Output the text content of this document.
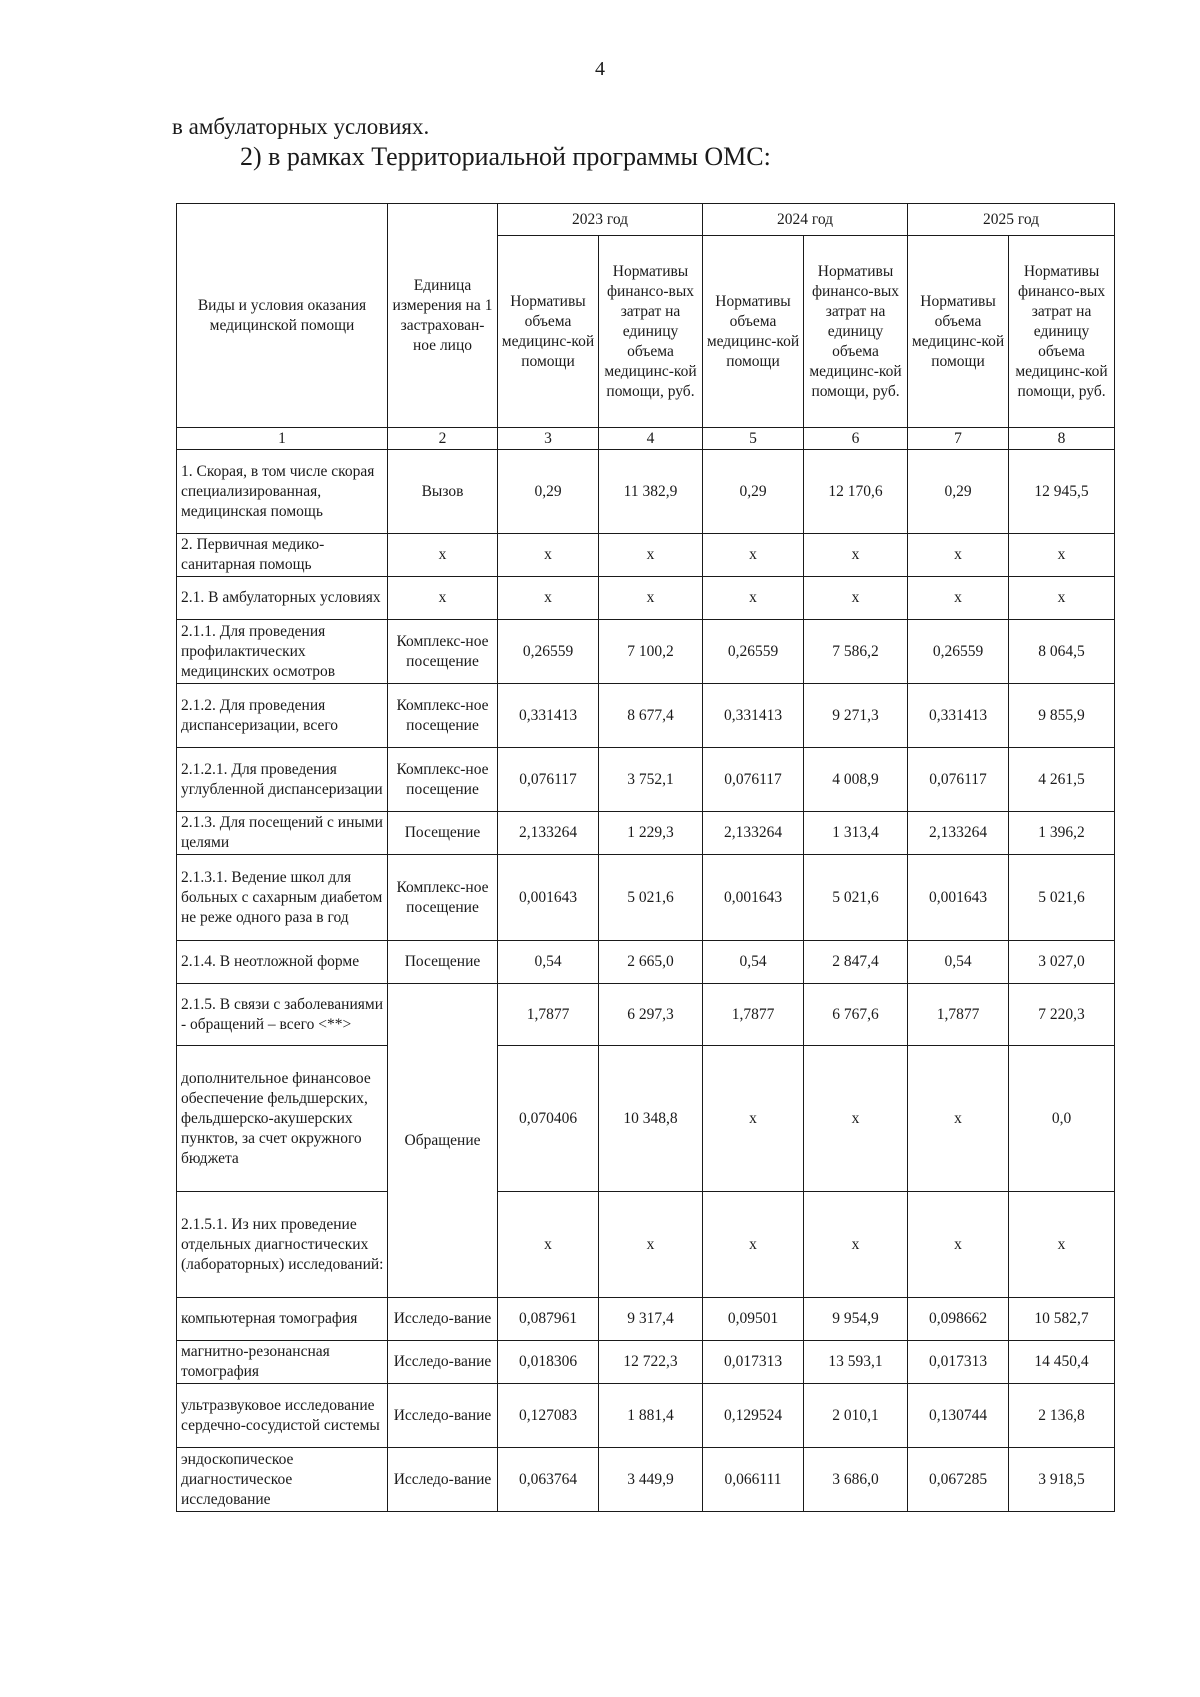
4
в амбулаторных условиях.
2) в рамках Территориальной программы ОМС:
Виды и условия оказания медицинской помощи	Единица измерения на 1 застрахован-ное лицо	2023 год		2024 год		2025 год	
		Нормативы объема медицинс-кой помощи	Нормативы финансо-вых затрат на единицу объема медицинс-кой помощи, руб.	Нормативы объема медицинс-кой помощи	Нормативы финансо-вых затрат на единицу объема медицинс-кой помощи, руб.	Нормативы объема медицинс-кой помощи	Нормативы финансо-вых затрат на единицу объема медицинс-кой помощи, руб.
1	2	3	4	5	6	7	8
1. Скорая, в том числе скорая специализированная, медицинская помощь	Вызов	0,29	11 382,9	0,29	12 170,6	0,29	12 945,5
2. Первичная медико-санитарная помощь	х	х	х	х	х	х	х
2.1. В амбулаторных условиях	х	х	х	х	х	х	х
2.1.1. Для проведения профилактических медицинских осмотров	Комплекс-ное посещение	0,26559	7 100,2	0,26559	7 586,2	0,26559	8 064,5
2.1.2. Для проведения диспансеризации, всего	Комплекс-ное посещение	0,331413	8 677,4	0,331413	9 271,3	0,331413	9 855,9
2.1.2.1. Для проведения углубленной диспансеризации	Комплекс-ное посещение	0,076117	3 752,1	0,076117	4 008,9	0,076117	4 261,5
2.1.3. Для посещений с иными целями	Посещение	2,133264	1 229,3	2,133264	1 313,4	2,133264	1 396,2
2.1.3.1. Ведение школ для больных с сахарным диабетом не реже одного раза в год	Комплекс-ное посещение	0,001643	5 021,6	0,001643	5 021,6	0,001643	5 021,6
2.1.4. В неотложной форме	Посещение	0,54	2 665,0	0,54	2 847,4	0,54	3 027,0
2.1.5. В связи с заболеваниями - обращений – всего <**>	Обращение	1,7877	6 297,3	1,7877	6 767,6	1,7877	7 220,3
дополнительное финансовое обеспечение фельдшерских, фельдшерско-акушерских пунктов, за счет окружного бюджета		0,070406	10 348,8	х	х	х	0,0
2.1.5.1. Из них проведение отдельных диагностических (лабораторных) исследований:		х	х	х	х	х	х
компьютерная томография	Исследо-вание	0,087961	9 317,4	0,09501	9 954,9	0,098662	10 582,7
магнитно-резонансная томография	Исследо-вание	0,018306	12 722,3	0,017313	13 593,1	0,017313	14 450,4
ультразвуковое исследование сердечно-сосудистой системы	Исследо-вание	0,127083	1 881,4	0,129524	2 010,1	0,130744	2 136,8
эндоскопическое диагностическое исследование	Исследо-вание	0,063764	3 449,9	0,066111	3 686,0	0,067285	3 918,5
